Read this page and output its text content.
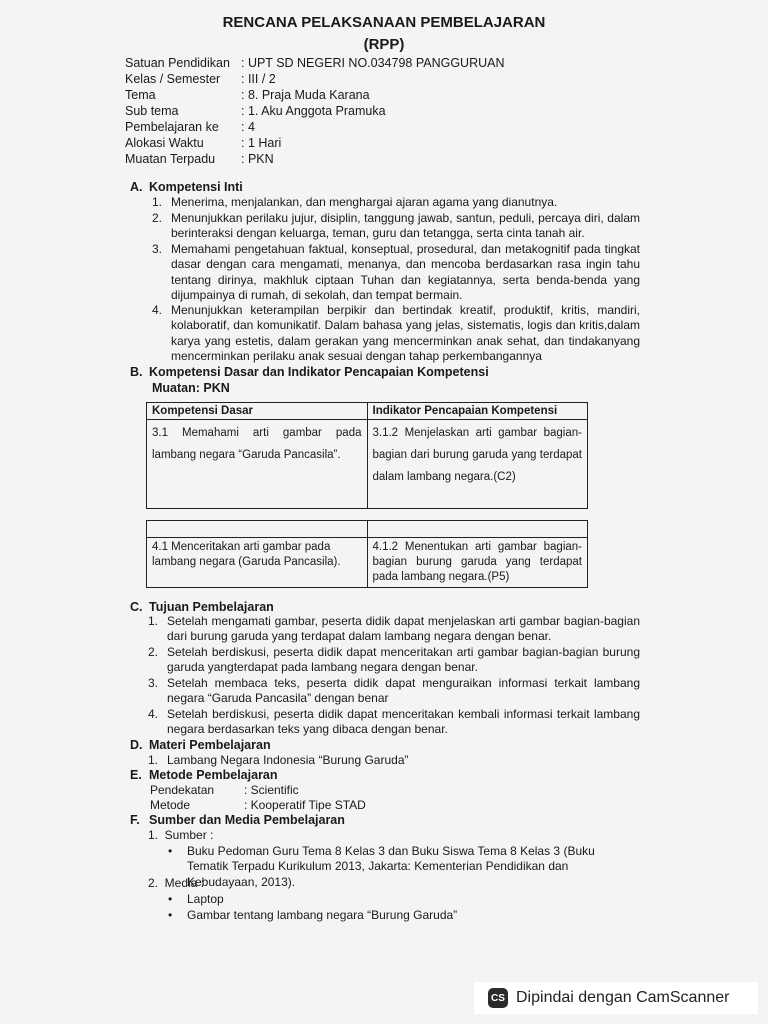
RENCANA PELAKSANAAN PEMBELAJARAN
(RPP)
Satuan Pendidikan : UPT SD NEGERI NO.034798 PANGGURUAN
Kelas / Semester	: III / 2
Tema	: 8. Praja Muda Karana
Sub tema	: 1. Aku Anggota Pramuka
Pembelajaran ke	: 4
Alokasi Waktu	: 1 Hari
Muatan Terpadu	: PKN
A. Kompetensi Inti
1. Menerima, menjalankan, dan menghargai ajaran agama yang dianutnya.
2. Menunjukkan perilaku jujur, disiplin, tanggung jawab, santun, peduli, percaya diri, dalam berinteraksi dengan keluarga, teman, guru dan tetangga, serta cinta tanah air.
3. Memahami pengetahuan faktual, konseptual, prosedural, dan metakognitif pada tingkat dasar dengan cara mengamati, menanya, dan mencoba berdasarkan rasa ingin tahu tentang dirinya, makhluk ciptaan Tuhan dan kegiatannya, serta benda-benda yang dijumpainya di rumah, di sekolah, dan tempat bermain.
4. Menunjukkan keterampilan berpikir dan bertindak kreatif, produktif, kritis, mandiri, kolaboratif, dan komunikatif. Dalam bahasa yang jelas, sistematis, logis dan kritis,dalam karya yang estetis, dalam gerakan yang mencerminkan anak sehat, dan tindakanyang mencerminkan perilaku anak sesuai dengan tahap perkembangannya
B. Kompetensi Dasar dan Indikator Pencapaian Kompetensi
Muatan: PKN
Kompetensi Dasar	Indikator Pencapaian Kompetensi
3.1 Memahami arti gambar pada lambang negara “Garuda Pancasila”.	3.1.2 Menjelaskan arti gambar bagian-bagian dari burung garuda yang terdapat dalam lambang negara.(C2)

4.1 Menceritakan arti gambar pada lambang negara (Garuda Pancasila).	4.1.2 Menentukan arti gambar bagian-bagian burung garuda yang terdapat pada lambang negara.(P5)
C. Tujuan Pembelajaran
1. Setelah mengamati gambar, peserta didik dapat menjelaskan arti gambar bagian-bagian dari burung garuda yang terdapat dalam lambang negara dengan benar.
2. Setelah berdiskusi, peserta didik dapat menceritakan arti gambar bagian-bagian burung garuda yangterdapat pada lambang negara dengan benar.
3. Setelah membaca teks, peserta didik dapat menguraikan informasi terkait lambang negara “Garuda Pancasila” dengan benar
4. Setelah berdiskusi, peserta didik dapat menceritakan kembali informasi terkait lambang negara berdasarkan teks yang dibaca dengan benar.
D. Materi Pembelajaran
1. Lambang Negara Indonesia “Burung Garuda”
E. Metode Pembelajaran
Pendekatan	: Scientific
Metode	: Kooperatif Tipe STAD
F. Sumber dan Media Pembelajaran
1.  Sumber :
• Buku Pedoman Guru Tema 8 Kelas 3 dan Buku Siswa Tema 8 Kelas 3 (Buku Tematik Terpadu Kurikulum 2013, Jakarta: Kementerian Pendidikan dan Kebudayaan, 2013).
2.  Media :
• Laptop
• Gambar tentang lambang negara “Burung Garuda”
CS Dipindai dengan CamScanner
